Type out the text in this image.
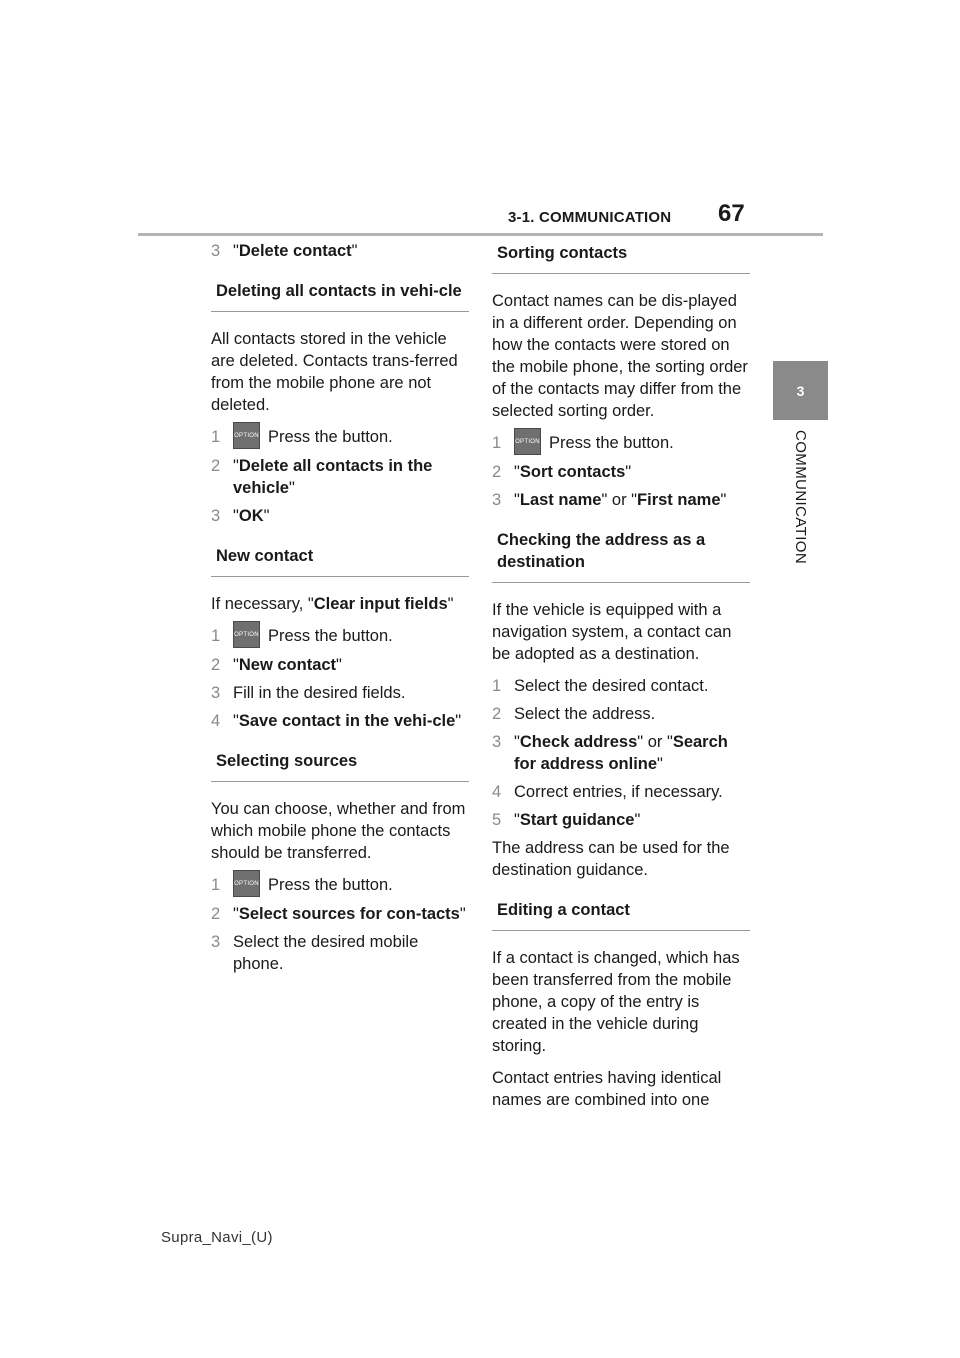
3-1. COMMUNICATION 67
3
COMMUNICATION
3 "Delete contact"
Deleting all contacts in vehi-cle
All contacts stored in the vehicle are deleted. Contacts trans-ferred from the mobile phone are not deleted.
1	OPTION Press the button.
2 "Delete all contacts in the vehicle"
3 "OK"
New contact
If necessary, "Clear input fields"
1	OPTION Press the button.
2 "New contact"
3 Fill in the desired fields.
4 "Save contact in the vehi-cle"
Selecting sources
You can choose, whether and from which mobile phone the contacts should be transferred.
1	OPTION Press the button.
2 "Select sources for con-tacts"
3 Select the desired mobile phone.
Sorting contacts
Contact names can be dis-played in a different order. Depending on how the contacts were stored on the mobile phone, the sorting order of the contacts may differ from the selected sorting order.
1	OPTION Press the button.
2 "Sort contacts"
3 "Last name" or "First name"
Checking the address as a destination
If the vehicle is equipped with a navigation system, a contact can be adopted as a destination.
1 Select the desired contact.
2 Select the address.
3 "Check address" or "Search for address online"
4 Correct entries, if necessary.
5 "Start guidance"
The address can be used for the destination guidance.
Editing a contact
If a contact is changed, which has been transferred from the mobile phone, a copy of the entry is created in the vehicle during storing.
Contact entries having identical names are combined into one
Supra_Navi_(U)
